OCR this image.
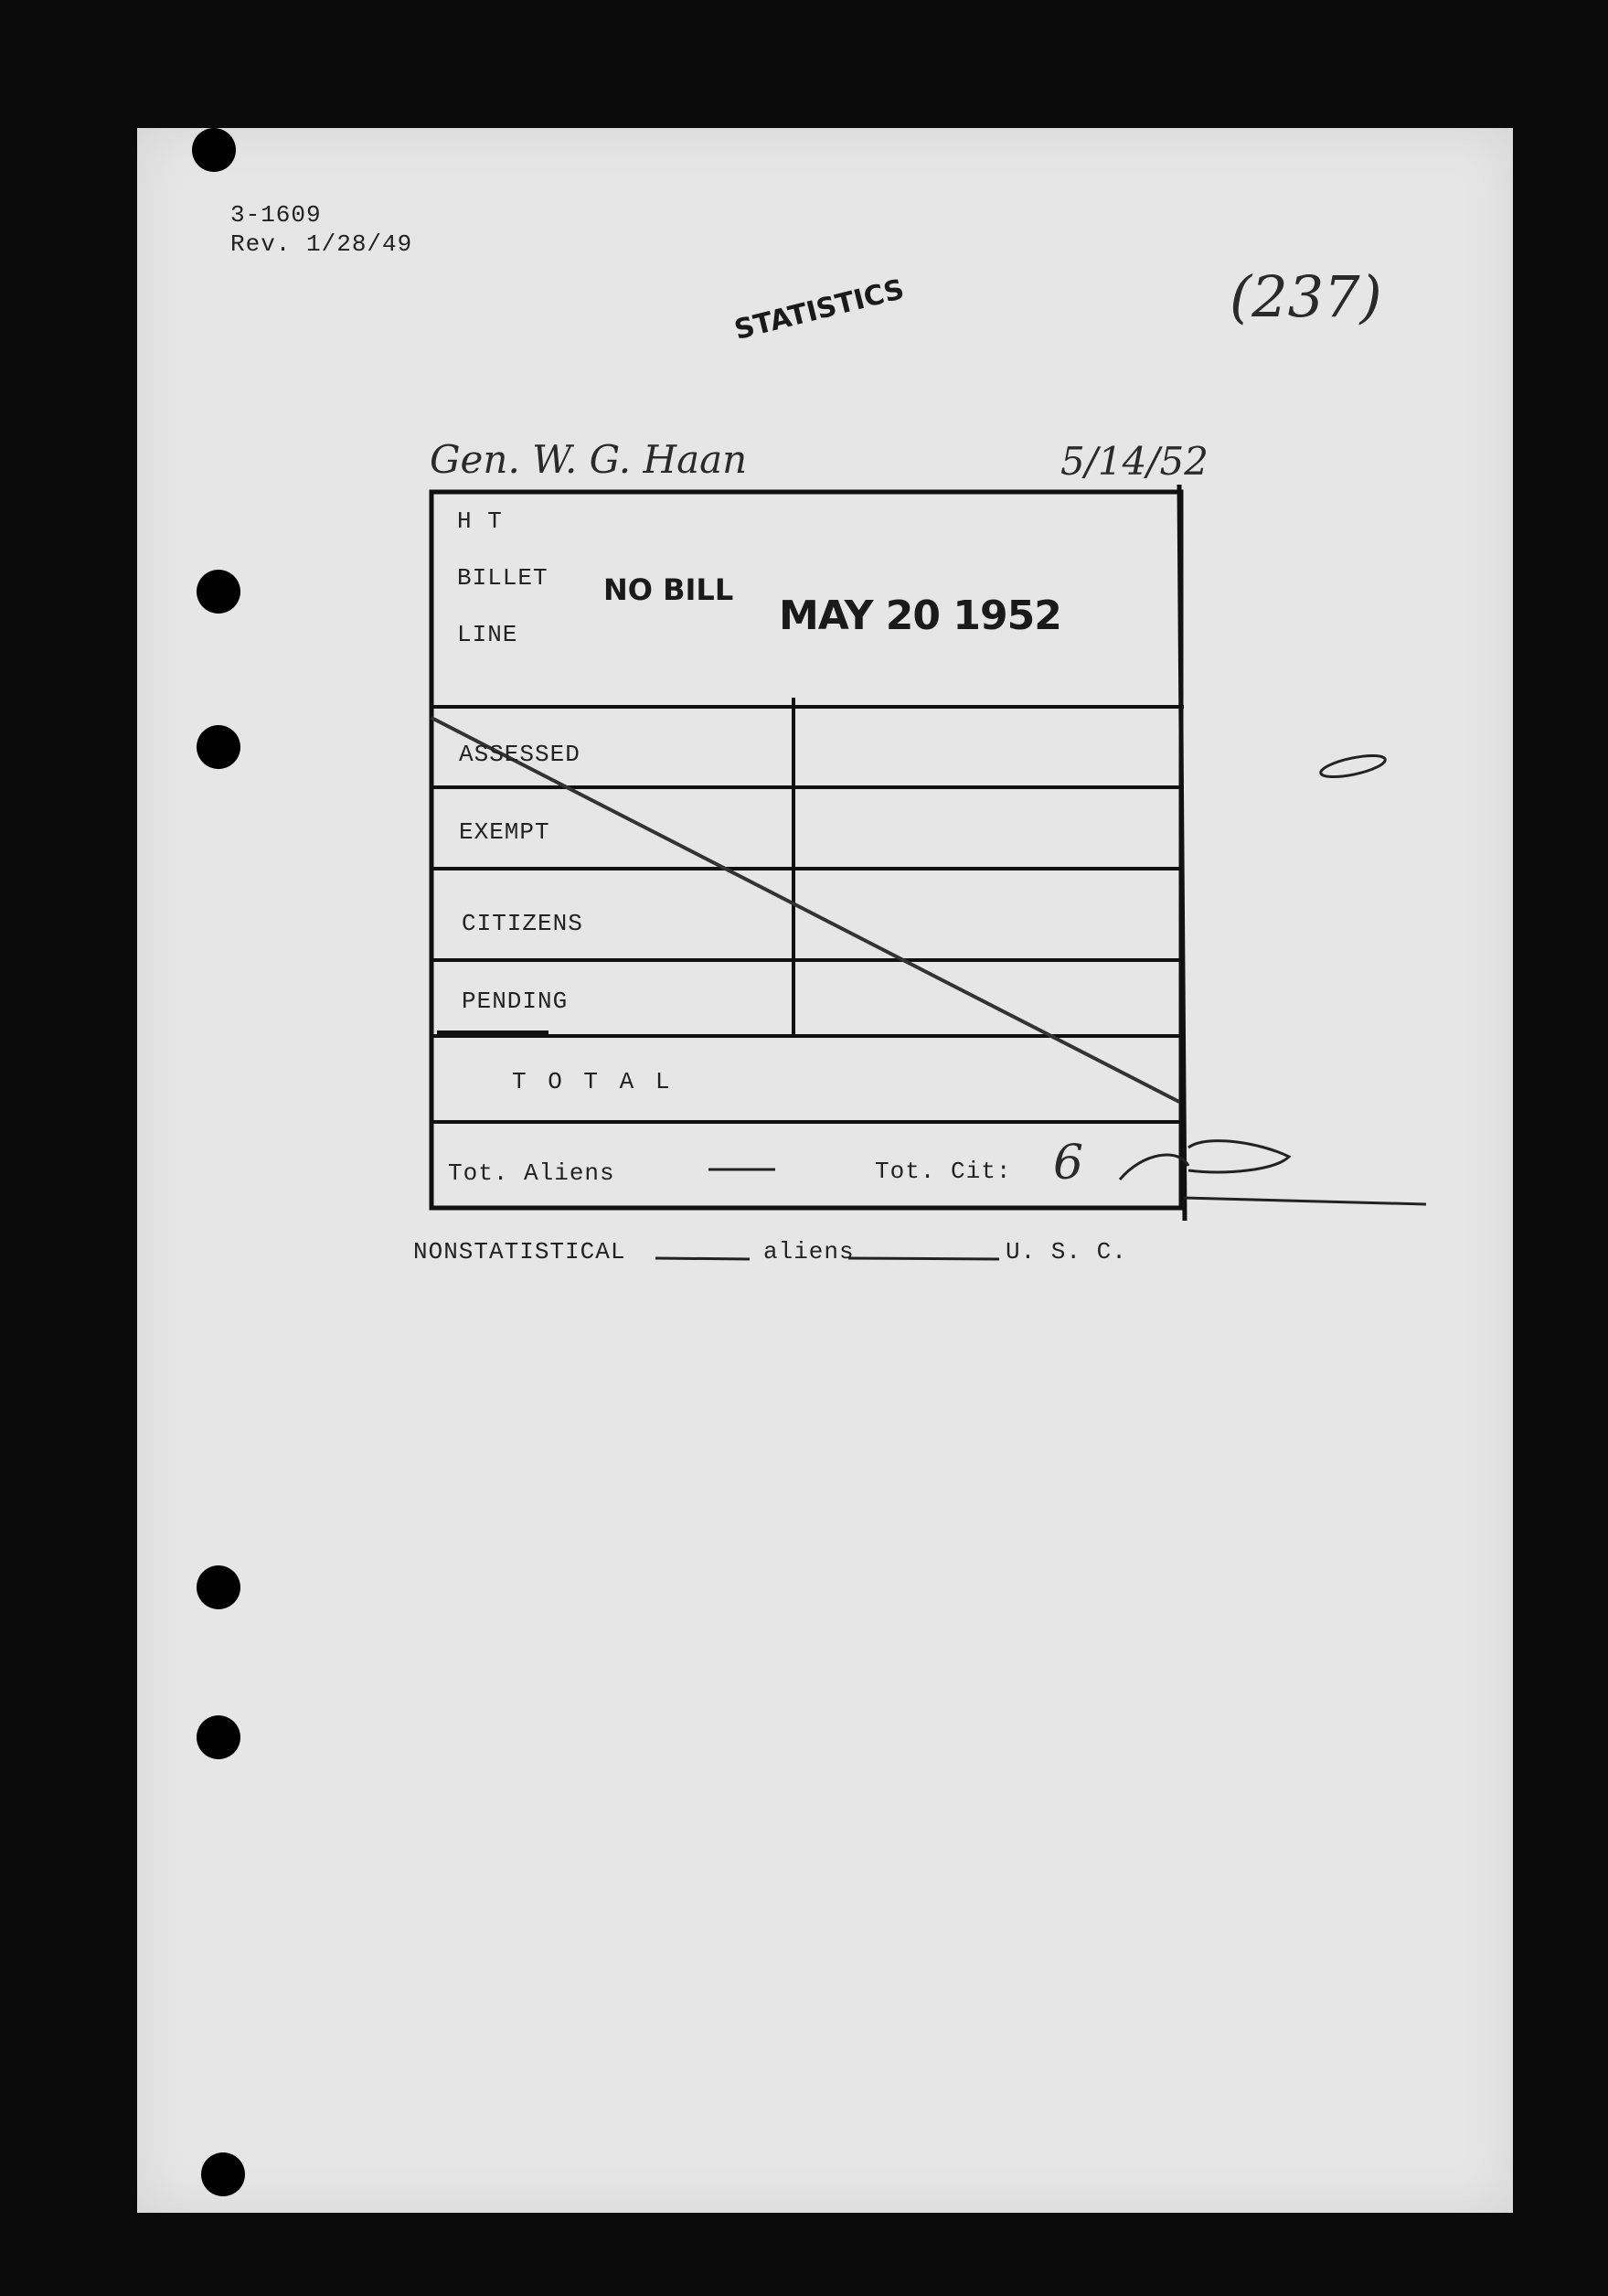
3-1609
Rev. 1/28/49
(237)
STATISTICS
Gen. W. G. Haan	5/14/52
H T
BILLET
LINE
NO BILL
MAY 20 1952
ASSESSED
EXEMPT
CITIZENS
PENDING
T O T A L
Tot. Aliens	Tot. Cit: 6
NONSTATISTICAL	aliens	U. S. C.
